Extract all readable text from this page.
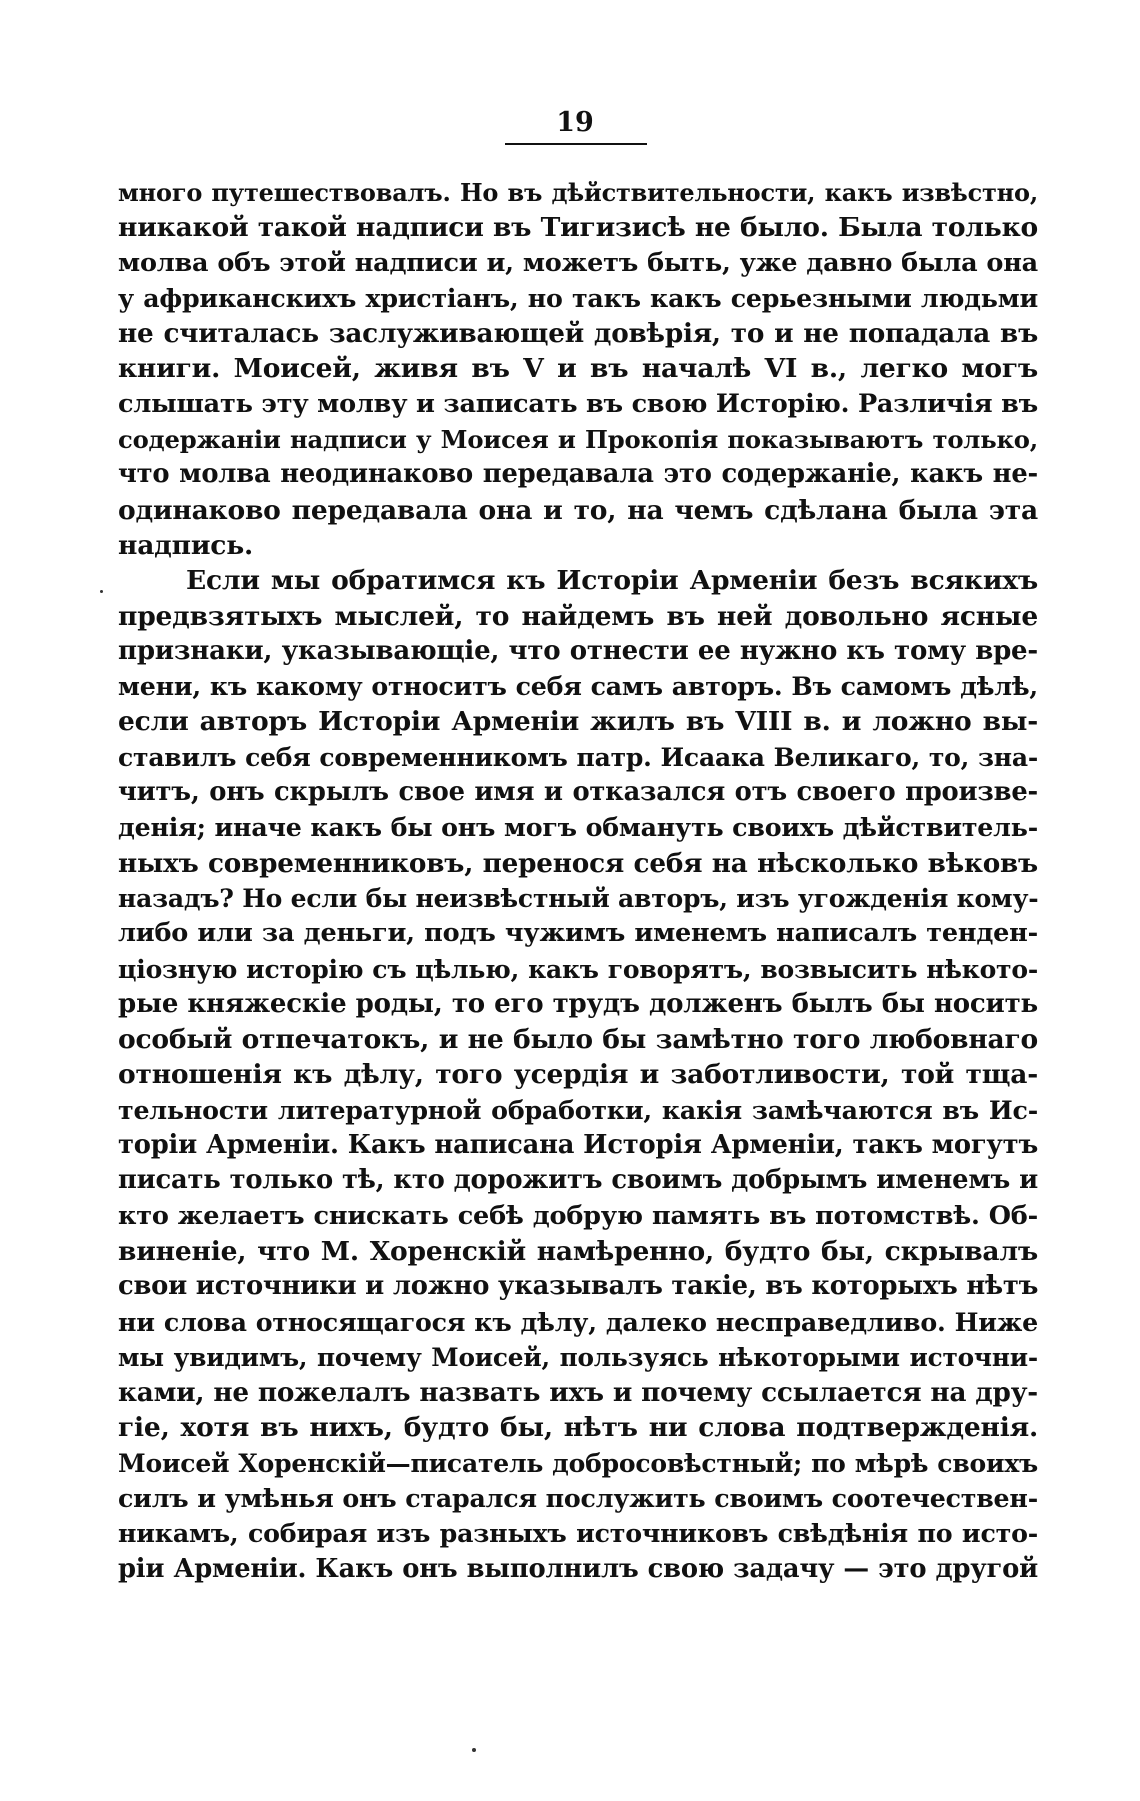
19
много путешествовалъ. Но въ дѣйствительности, какъ извѣстно,
никакой такой надписи въ Тигизисѣ не было. Была только
молва объ этой надписи и, можетъ быть, уже давно была она
у африканскихъ христіанъ, но такъ какъ серьезными людьми
не считалась заслуживающей довѣрія, то и не попадала въ
книги. Моисей, живя въ V и въ началѣ VI в., легко могъ
слышать эту молву и записать въ свою Исторію. Различія въ
содержаніи надписи у Моисея и Прокопія показываютъ только,
что молва неодинаково передавала это содержаніе, какъ не-
одинаково передавала она и то, на чемъ сдѣлана была эта
надпись.
Если мы обратимся къ Исторіи Арменіи безъ всякихъ
предвзятыхъ мыслей, то найдемъ въ ней довольно ясные
признаки, указывающіе, что отнести ее нужно къ тому вре-
мени, къ какому относитъ себя самъ авторъ. Въ самомъ дѣлѣ,
если авторъ Исторіи Арменіи жилъ въ VIII в. и ложно вы-
ставилъ себя современникомъ патр. Исаака Великаго, то, зна-
читъ, онъ скрылъ свое имя и отказался отъ своего произве-
денія; иначе какъ бы онъ могъ обмануть своихъ дѣйствитель-
ныхъ современниковъ, перенося себя на нѣсколько вѣковъ
назадъ? Но если бы неизвѣстный авторъ, изъ угожденія кому-
либо или за деньги, подъ чужимъ именемъ написалъ тенден-
ціозную исторію съ цѣлью, какъ говорятъ, возвысить нѣкото-
рые княжескіе роды, то его трудъ долженъ былъ бы носить
особый отпечатокъ, и не было бы замѣтно того любовнаго
отношенія къ дѣлу, того усердія и заботливости, той тща-
тельности литературной обработки, какія замѣчаются въ Ис-
торіи Арменіи. Какъ написана Исторія Арменіи, такъ могутъ
писать только тѣ, кто дорожитъ своимъ добрымъ именемъ и
кто желаетъ снискать себѣ добрую память въ потомствѣ. Об-
виненіе, что М. Хоренскій намѣренно, будто бы, скрывалъ
свои источники и ложно указывалъ такіе, въ которыхъ нѣтъ
ни слова относящагося къ дѣлу, далеко несправедливо. Ниже
мы увидимъ, почему Моисей, пользуясь нѣкоторыми источни-
ками, не пожелалъ назвать ихъ и почему ссылается на дру-
гіе, хотя въ нихъ, будто бы, нѣтъ ни слова подтвержденія.
Моисей Хоренскій—писатель добросовѣстный; по мѣрѣ своихъ
силъ и умѣнья онъ старался послужить своимъ соотечествен-
никамъ, собирая изъ разныхъ источниковъ свѣдѣнія по исто-
ріи Арменіи. Какъ онъ выполнилъ свою задачу — это другой
